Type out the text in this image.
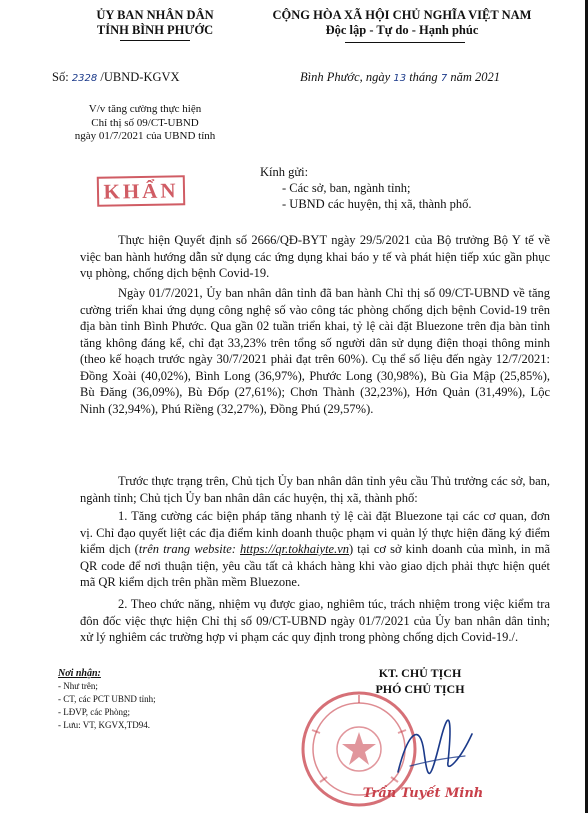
ỦY BAN NHÂN DÂN
TỈNH BÌNH PHƯỚC
CỘNG HÒA XÃ HỘI CHỦ NGHĨA VIỆT NAM
Độc lập - Tự do - Hạnh phúc
Số: 2328 /UBND-KGVX	Bình Phước, ngày 13 tháng 7 năm 2021
V/v tăng cường thực hiện
Chỉ thị số 09/CT-UBND
ngày 01/7/2021 của UBND tỉnh
KHẨN
Kính gửi:
- Các sở, ban, ngành tỉnh;
- UBND các huyện, thị xã, thành phố.
Thực hiện Quyết định số 2666/QĐ-BYT ngày 29/5/2021 của Bộ trưởng Bộ Y tế về việc ban hành hướng dẫn sử dụng các ứng dụng khai báo y tế và phát hiện tiếp xúc gần phục vụ phòng, chống dịch bệnh Covid-19.
Ngày 01/7/2021, Ủy ban nhân dân tỉnh đã ban hành Chỉ thị số 09/CT-UBND về tăng cường triển khai ứng dụng công nghệ số vào công tác phòng chống dịch bệnh Covid-19 trên địa bàn tỉnh Bình Phước. Qua gần 02 tuần triển khai, tỷ lệ cài đặt Bluezone trên địa bàn tỉnh tăng không đáng kể, chỉ đạt 33,23% trên tổng số người dân sử dụng điện thoại thông minh (theo kế hoạch trước ngày 30/7/2021 phải đạt trên 60%). Cụ thể số liệu đến ngày 12/7/2021: Đồng Xoài (40,02%), Bình Long (36,97%), Phước Long (30,98%), Bù Gia Mập (25,85%), Bù Đăng (36,09%), Bù Đốp (27,61%); Chơn Thành (32,23%), Hớn Quản (31,49%), Lộc Ninh (32,94%), Phú Riềng (32,27%), Đồng Phú (29,57%).
Trước thực trạng trên, Chủ tịch Ủy ban nhân dân tỉnh yêu cầu Thủ trưởng các sở, ban, ngành tỉnh; Chủ tịch Ủy ban nhân dân các huyện, thị xã, thành phố:
1. Tăng cường các biện pháp tăng nhanh tỷ lệ cài đặt Bluezone tại các cơ quan, đơn vị. Chỉ đạo quyết liệt các địa điểm kinh doanh thuộc phạm vi quản lý thực hiện đăng ký điểm kiểm dịch (trên trang website: https://qr.tokhaiyte.vn) tại cơ sở kinh doanh của mình, in mã QR code để nơi thuận tiện, yêu cầu tất cả khách hàng khi vào giao dịch phải thực hiện quét mã QR kiểm dịch trên phần mềm Bluezone.
2. Theo chức năng, nhiệm vụ được giao, nghiêm túc, trách nhiệm trong việc kiểm tra đôn đốc việc thực hiện Chỉ thị số 09/CT-UBND ngày 01/7/2021 của Ủy ban nhân dân tỉnh; xử lý nghiêm các trường hợp vi phạm các quy định trong phòng chống dịch Covid-19./.
Nơi nhận:
- Như trên;
- CT, các PCT UBND tỉnh;
- LĐVP, các Phòng;
- Lưu: VT, KGVX,TD94.
KT. CHỦ TỊCH
PHÓ CHỦ TỊCH
Trần Tuyết Minh
